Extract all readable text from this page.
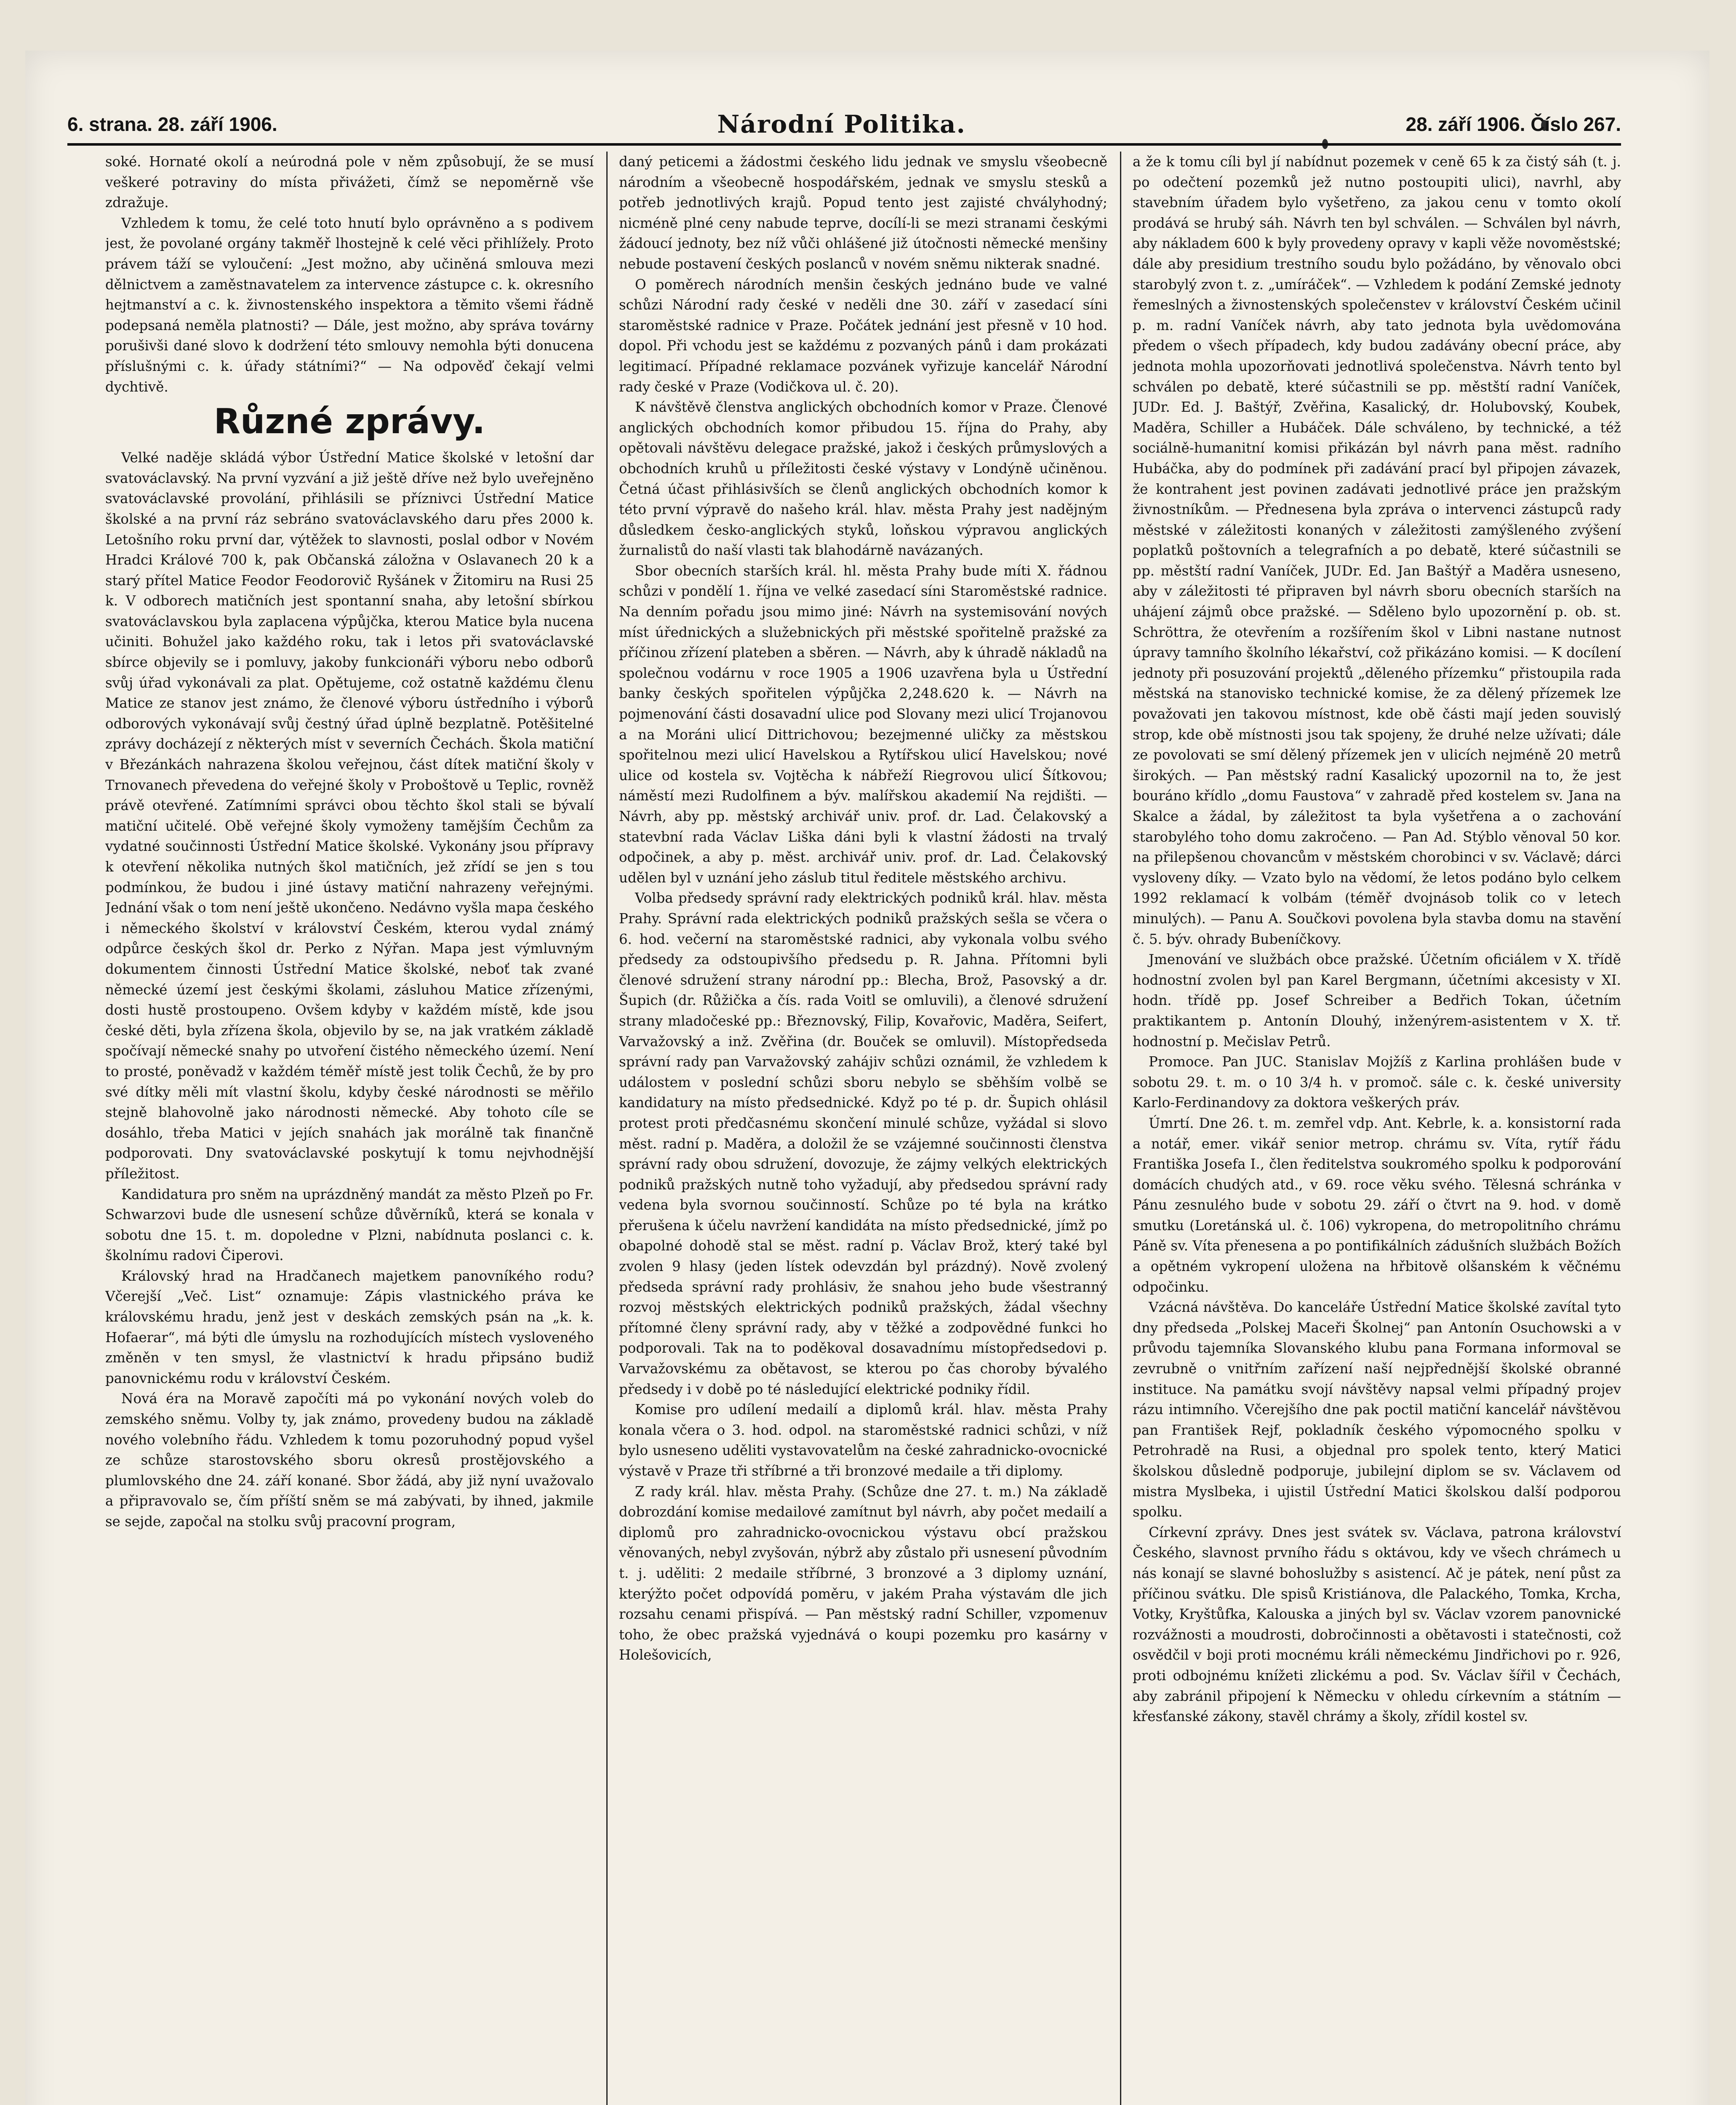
6. strana. 28. září 1906.	Národní Politika.	28. září 1906. Číslo 267.

soké. Hornaté okolí a neúrodná pole v něm způsobují, že se musí veškeré potraviny do místa přivážeti, čímž se nepoměrně vše zdražuje.

Vzhledem k tomu, že celé toto hnutí bylo oprávněno a s podivem jest, že povolané orgány takměř lhostejně k celé věci přihlížely. Proto právem táží se vyloučení: „Jest možno, aby učiněná smlouva mezi dělnictvem a zaměstnavatelem za intervence zástupce c. k. okresního hejtmanství a c. k. živnostenského inspektora a těmito všemi řádně podepsaná neměla platnosti? — Dále, jest možno, aby správa továrny porušivši dané slovo k dodržení této smlouvy nemohla býti donucena příslušnými c. k. úřady státními?“ — Na odpověď čekají velmi dychtivě.

Různé zprávy.

Velké naděje skládá výbor Ústřední Matice školské v letošní dar svatováclavský. Na první vyzvání a již ještě dříve než bylo uveřejněno svatováclavské provolání, přihlásili se příznivci Ústřední Matice školské a na první ráz sebráno svatováclavského daru přes 2000 k. Letošního roku první dar, výtěžek to slavnosti, poslal odbor v Novém Hradci Králové 700 k, pak Občanská záložna v Oslavanech 20 k a starý přítel Matice Feodor Feodorovič Ryšánek v Žitomiru na Rusi 25 k. V odborech matičních jest spontanní snaha, aby letošní sbírkou svatováclavskou byla zaplacena výpůjčka, kterou Matice byla nucena učiniti. Bohužel jako každého roku, tak i letos při svatováclavské sbírce objevily se i pomluvy, jakoby funkcionáři výboru nebo odborů svůj úřad vykonávali za plat. Opětujeme, což ostatně každému členu Matice ze stanov jest známo, že členové výboru ústředního i výborů odborových vykonávají svůj čestný úřad úplně bezplatně. Potěšitelné zprávy docházejí z některých míst v severních Čechách. Škola matiční v Březánkách nahrazena školou veřejnou, část dítek matiční školy v Trnovanech převedena do veřejné školy v Proboštově u Teplic, rovněž právě otevřené. Zatímními správci obou těchto škol stali se bývalí matiční učitelé. Obě veřejné školy vymoženy tamějším Čechům za vydatné součinnosti Ústřední Matice školské. Vykonány jsou přípravy k otevření několika nutných škol matičních, jež zřídí se jen s tou podmínkou, že budou i jiné ústavy matiční nahrazeny veřejnými. Jednání však o tom není ještě ukončeno. Nedávno vyšla mapa českého i německého školství v království Českém, kterou vydal známý odpůrce českých škol dr. Perko z Nýřan. Mapa jest výmluvným dokumentem činnosti Ústřední Matice školské, neboť tak zvané německé území jest českými školami, zásluhou Matice zřízenými, dosti hustě prostoupeno. Ovšem kdyby v každém místě, kde jsou české děti, byla zřízena škola, objevilo by se, na jak vratkém základě spočívají německé snahy po utvoření čistého německého území. Není to prosté, poněvadž v každém téměř místě jest tolik Čechů, že by pro své dítky měli mít vlastní školu, kdyby české národnosti se měřilo stejně blahovolně jako národnosti německé. Aby tohoto cíle se dosáhlo, třeba Matici v jejích snahách jak morálně tak finančně podporovati. Dny svatováclavské poskytují k tomu nejvhodnější příležitost.

Kandidatura pro sněm na uprázdněný mandát za město Plzeň po Fr. Schwarzovi bude dle usnesení schůze důvěrníků, která se konala v sobotu dne 15. t. m. dopoledne v Plzni, nabídnuta poslanci c. k. školnímu radovi Čiperovi.

Královský hrad na Hradčanech majetkem panovníkého rodu? Včerejší „Več. List“ oznamuje: Zápis vlastnického práva ke královskému hradu, jenž jest v deskách zemských psán na „k. k. Hofaerar“, má býti dle úmyslu na rozhodujících místech vysloveného změněn v ten smysl, že vlastnictví k hradu připsáno budiž panovnickému rodu v království Českém.

Nová éra na Moravě započíti má po vykonání nových voleb do zemského sněmu. Volby ty, jak známo, provedeny budou na základě nového volebního řádu. Vzhledem k tomu pozoruhodný popud vyšel ze schůze starostovského sboru okresů prostějovského a plumlovského dne 24. září konané. Sbor žádá, aby již nyní uvažovalo a připravovalo se, čím příští sněm se má zabývati, by ihned, jakmile se sejde, započal na stolku svůj pracovní program,

daný peticemi a žádostmi českého lidu jednak ve smyslu všeobecně národním a všeobecně hospodářském, jednak ve smyslu stesků a potřeb jednotlivých krajů. Popud tento jest zajisté chvályhodný; nicméně plné ceny nabude teprve, docílí-li se mezi stranami českými žádoucí jednoty, bez níž vůči ohlášené již útočnosti německé menšiny nebude postavení českých poslanců v novém sněmu nikterak snadné.

O poměrech národních menšin českých jednáno bude ve valné schůzi Národní rady české v neděli dne 30. září v zasedací síni staroměstské radnice v Praze. Počátek jednání jest přesně v 10 hod. dopol. Při vchodu jest se každému z pozvaných pánů i dam prokázati legitimací. Případné reklamace pozvánek vyřizuje kancelář Národní rady české v Praze (Vodičkova ul. č. 20).

K návštěvě členstva anglických obchodních komor v Praze. Členové anglických obchodních komor přibudou 15. října do Prahy, aby opětovali návštěvu delegace pražské, jakož i českých průmyslových a obchodních kruhů u příležitosti české výstavy v Londýně učiněnou. Četná účast přihlásivších se členů anglických obchodních komor k této první výpravě do našeho král. hlav. města Prahy jest nadějným důsledkem česko-anglických styků, loňskou výpravou anglických žurnalistů do naší vlasti tak blahodárně navázaných.

Sbor obecních starších král. hl. města Prahy bude míti X. řádnou schůzi v pondělí 1. října ve velké zasedací síni Staroměstské radnice. Na denním pořadu jsou mimo jiné: Návrh na systemisování nových míst úřednických a služebnických při městské spořitelně pražské za příčinou zřízení plateben a sběren. — Návrh, aby k úhradě nákladů na společnou vodárnu v roce 1905 a 1906 uzavřena byla u Ústřední banky českých spořitelen výpůjčka 2,248.620 k. — Návrh na pojmenování části dosavadní ulice pod Slovany mezi ulicí Trojanovou a na Moráni ulicí Dittrichovou; bezejmenné uličky za městskou spořitelnou mezi ulicí Havelskou a Rytířskou ulicí Havelskou; nové ulice od kostela sv. Vojtěcha k nábřeží Riegrovou ulicí Šítkovou; náměstí mezi Rudolfinem a býv. malířskou akademií Na rejdišti. — Návrh, aby pp. městský archivář univ. prof. dr. Lad. Čelakovský a statevbní rada Václav Liška dáni byli k vlastní žádosti na trvalý odpočinek, a aby p. měst. archivář univ. prof. dr. Lad. Čelakovský udělen byl v uznání jeho záslub titul ředitele městského archivu.

Volba předsedy správní rady elektrických podniků král. hlav. města Prahy. Správní rada elektrických podniků pražských sešla se včera o 6. hod. večerní na staroměstské radnici, aby vykonala volbu svého předsedy za odstoupivšího předsedu p. R. Jahna. Přítomni byli členové sdružení strany národní pp.: Blecha, Brož, Pasovský a dr. Šupich (dr. Růžička a čís. rada Voitl se omluvili), a členové sdružení strany mladočeské pp.: Březnovský, Filip, Kovařovic, Maděra, Seifert, Varvažovský a inž. Zvěřina (dr. Bouček se omluvil). Místopředseda správní rady pan Varvažovský zahájiv schůzi oznámil, že vzhledem k událostem v poslední schůzi sboru nebylo se sběhším volbě se kandidatury na místo předsednické. Když po té p. dr. Šupich ohlásil protest proti předčasnému skončení minulé schůze, vyžádal si slovo měst. radní p. Maděra, a doložil že se vzájemné součinnosti členstva správní rady obou sdružení, dovozuje, že zájmy velkých elektrických podniků pražských nutně toho vyžadují, aby předsedou správní rady vedena byla svornou součinností. Schůze po té byla na krátko přerušena k účelu navržení kandidáta na místo předsednické, jímž po obapolné dohodě stal se měst. radní p. Václav Brož, který také byl zvolen 9 hlasy (jeden lístek odevzdán byl prázdný). Nově zvolený předseda správní rady prohlásiv, že snahou jeho bude všestranný rozvoj městských elektrických podniků pražských, žádal všechny přítomné členy správní rady, aby v těžké a zodpovědné funkci ho podporovali. Tak na to poděkoval dosavadnímu místopředsedovi p. Varvažovskému za obětavost, se kterou po čas choroby bývalého předsedy i v době po té následující elektrické podniky řídil.

Komise pro udílení medailí a diplomů král. hlav. města Prahy konala včera o 3. hod. odpol. na staroměstské radnici schůzi, v níž bylo usneseno uděliti vystavovatelům na české zahradnicko-ovocnické výstavě v Praze tři stříbrné a tři bronzové medaile a tři diplomy.

Z rady král. hlav. města Prahy. (Schůze dne 27. t. m.) Na základě dobrozdání komise medailové zamítnut byl návrh, aby počet medailí a diplomů pro zahradnicko-ovocnickou výstavu obcí pražskou věnovaných, nebyl zvyšován, nýbrž aby zůstalo při usnesení původním t. j. uděliti: 2 medaile stříbrné, 3 bronzové a 3 diplomy uznání, kterýžto počet odpovídá poměru, v jakém Praha výstavám dle jich rozsahu cenami přispívá. — Pan městský radní Schiller, vzpomenuv toho, že obec pražská vyjednává o koupi pozemku pro kasárny v Holešovicích,

a že k tomu cíli byl jí nabídnut pozemek v ceně 65 k za čistý sáh (t. j. po odečtení pozemků jež nutno postoupiti ulici), navrhl, aby stavebním úřadem bylo vyšetřeno, za jakou cenu v tomto okolí prodává se hrubý sáh. Návrh ten byl schválen. — Schválen byl návrh, aby nákladem 600 k byly provedeny opravy v kapli věže novoměstské; dále aby presidium trestního soudu bylo požádáno, by věnovalo obci starobylý zvon t. z. „umíráček“. — Vzhledem k podání Zemské jednoty řemeslných a živnostenských společenstev v království Českém učinil p. m. radní Vaníček návrh, aby tato jednota byla uvědomována předem o všech případech, kdy budou zadávány obecní práce, aby jednota mohla upozorňovati jednotlivá společenstva. Návrh tento byl schválen po debatě, které súčastnili se pp. městští radní Vaníček, JUDr. Ed. J. Baštýř, Zvěřina, Kasalický, dr. Holubovský, Koubek, Maděra, Schiller a Hubáček. Dále schváleno, by technické, a též sociálně-humanitní komisi přikázán byl návrh pana měst. radního Hubáčka, aby do podmínek při zadávání prací byl připojen závazek, že kontrahent jest povinen zadávati jednotlivé práce jen pražským živnostníkům. — Přednesena byla zpráva o intervenci zástupců rady městské v záležitosti konaných v záležitosti zamýšleného zvýšení poplatků poštovních a telegrafních a po debatě, které súčastnili se pp. městští radní Vaníček, JUDr. Ed. Jan Baštýř a Maděra usneseno, aby v záležitosti té připraven byl návrh sboru obecních starších na uhájení zájmů obce pražské. — Sděleno bylo upozornění p. ob. st. Schröttra, že otevřením a rozšířením škol v Libni nastane nutnost úpravy tamního školního lékařství, což přikázáno komisi. — K docílení jednoty při posuzování projektů „děleného přízemku“ přistoupila rada městská na stanovisko technické komise, že za dělený přízemek lze považovati jen takovou místnost, kde obě části mají jeden souvislý strop, kde obě místnosti jsou tak spojeny, že druhé nelze užívati; dále ze povolovati se smí dělený přízemek jen v ulicích nejméně 20 metrů širokých. — Pan městský radní Kasalický upozornil na to, že jest bouráno křídlo „domu Faustova“ v zahradě před kostelem sv. Jana na Skalce a žádal, by záležitost ta byla vyšetřena a o zachování starobylého toho domu zakročeno. — Pan Ad. Stýblo věnoval 50 kor. na přilepšenou chovancům v městském chorobinci v sv. Václavě; dárci vysloveny díky. — Vzato bylo na vědomí, že letos podáno bylo celkem 1992 reklamací k volbám (téměř dvojnásob tolik co v letech minulých). — Panu A. Součkovi povolena byla stavba domu na stavění č. 5. býv. ohrady Bubeníčkovy.

Jmenování ve službách obce pražské. Účetním oficiálem v X. třídě hodnostní zvolen byl pan Karel Bergmann, účetními akcesisty v XI. hodn. třídě pp. Josef Schreiber a Bedřich Tokan, účetním praktikantem p. Antonín Dlouhý, inženýrem-asistentem v X. tř. hodnostní p. Mečislav Petrů.

Promoce. Pan JUC. Stanislav Mojžíš z Karlina prohlášen bude v sobotu 29. t. m. o 10 3/4 h. v promoč. sále c. k. české university Karlo-Ferdinandovy za doktora veškerých práv.

Úmrtí. Dne 26. t. m. zemřel vdp. Ant. Kebrle, k. a. konsistorní rada a notář, emer. vikář senior metrop. chrámu sv. Víta, rytíř řádu Františka Josefa I., člen ředitelstva soukromého spolku k podporování domácích chudých atd., v 69. roce věku svého. Tělesná schránka v Pánu zesnulého bude v sobotu 29. září o čtvrt na 9. hod. v domě smutku (Loretánská ul. č. 106) vykropena, do metropolitního chrámu Páně sv. Víta přenesena a po pontifikálních zádušních službách Božích a opětném vykropení uložena na hřbitově olšanském k věčnému odpočinku.

Vzácná návštěva. Do kanceláře Ústřední Matice školské zavítal tyto dny předseda „Polskej Maceři Školnej“ pan Antonín Osuchowski a v průvodu tajemníka Slovanského klubu pana Formana informoval se zevrubně o vnitřním zařízení naší nejpřednější školské obranné instituce. Na památku svojí návštěvy napsal velmi případný projev rázu intimního. Včerejšího dne pak poctil matiční kancelář návštěvou pan František Rejf, pokladník českého výpomocného spolku v Petrohradě na Rusi, a objednal pro spolek tento, který Matici školskou důsledně podporuje, jubilejní diplom se sv. Václavem od mistra Myslbeka, i ujistil Ústřední Matici školskou další podporou spolku.

Církevní zprávy. Dnes jest svátek sv. Václava, patrona království Českého, slavnost prvního řádu s oktávou, kdy ve všech chrámech u nás konají se slavné bohoslužby s asistencí. Ač je pátek, není půst za příčinou svátku. Dle spisů Kristiánova, dle Palackého, Tomka, Krcha, Votky, Kryštůfka, Kalouska a jiných byl sv. Václav vzorem panovnické rozvážnosti a moudrosti, dobročinnosti a obětavosti i statečnosti, což osvědčil v boji proti mocnému králi německému Jindřichovi po r. 926, proti odbojnému knížeti zlickému a pod. Sv. Václav šířil v Čechách, aby zabránil připojení k Německu v ohledu církevním a státním — křesťanské zákony, stavěl chrámy a školy, zřídil kostel sv.
